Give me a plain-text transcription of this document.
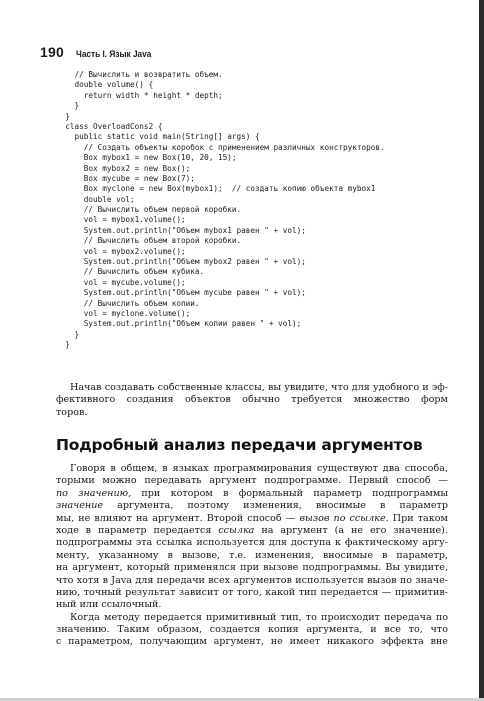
190 Часть I. Язык Java
// Вычислить и возвратить объем.
double volume() {
return width * height * depth;
}
}
class OverloadCons2 {
public static void main(String[] args) {
// Создать объекты коробок с применением различных конструкторов.
Box mybox1 = new Box(10, 20, 15);
Box mybox2 = new Box();
Box mycube = new Box(7);
Box myclone = new Box(mybox1);  // создать копию объекта mybox1
double vol;
// Вычислить объем первой коробки.
vol = mybox1.volume();
System.out.println("Объем mybox1 равен " + vol);
// Вычислить объем второй коробки.
vol = mybox2.volume();
System.out.println("Объем mybox2 равен " + vol);
// Вычислить объем кубика.
vol = mycube.volume();
System.out.println("Объем mycube равен " + vol);
// Вычислить объем копии.
vol = myclone.volume();
System.out.println("Объем копии равен " + vol);
}
}
Начав создавать собственные классы, вы увидите, что для удобного и эф-
фективного создания объектов обычно требуется множество форм
торов.
Подробный анализ передачи аргументов
Говоря в общем, в языках программирования существуют два способа,
торыми можно передавать аргумент подпрограмме. Первый способ —
по значению, при котором в формальный параметр подпрограммы
значение аргумента, поэтому изменения, вносимые в параметр
мы, не влияют на аргумент. Второй способ — вызов по ссылке. При таком
ходе в параметр передается ссылка на аргумент (а не его значение).
подпрограммы эта ссылка используется для доступа к фактическому аргу-
менту, указанному в вызове, т.е. изменения, вносимые в параметр,
на аргумент, который применялся при вызове подпрограммы. Вы увидите,
что хотя в Java для передачи всех аргументов используется вызов по значе-
нию, точный результат зависит от того, какой тип передается — примитив-
ный или ссылочный.
Когда методу передается примитивный тип, то происходит передача по
значению. Таким образом, создается копия аргумента, и все то, что
с параметром, получающим аргумент, не имеет никакого эффекта вне
